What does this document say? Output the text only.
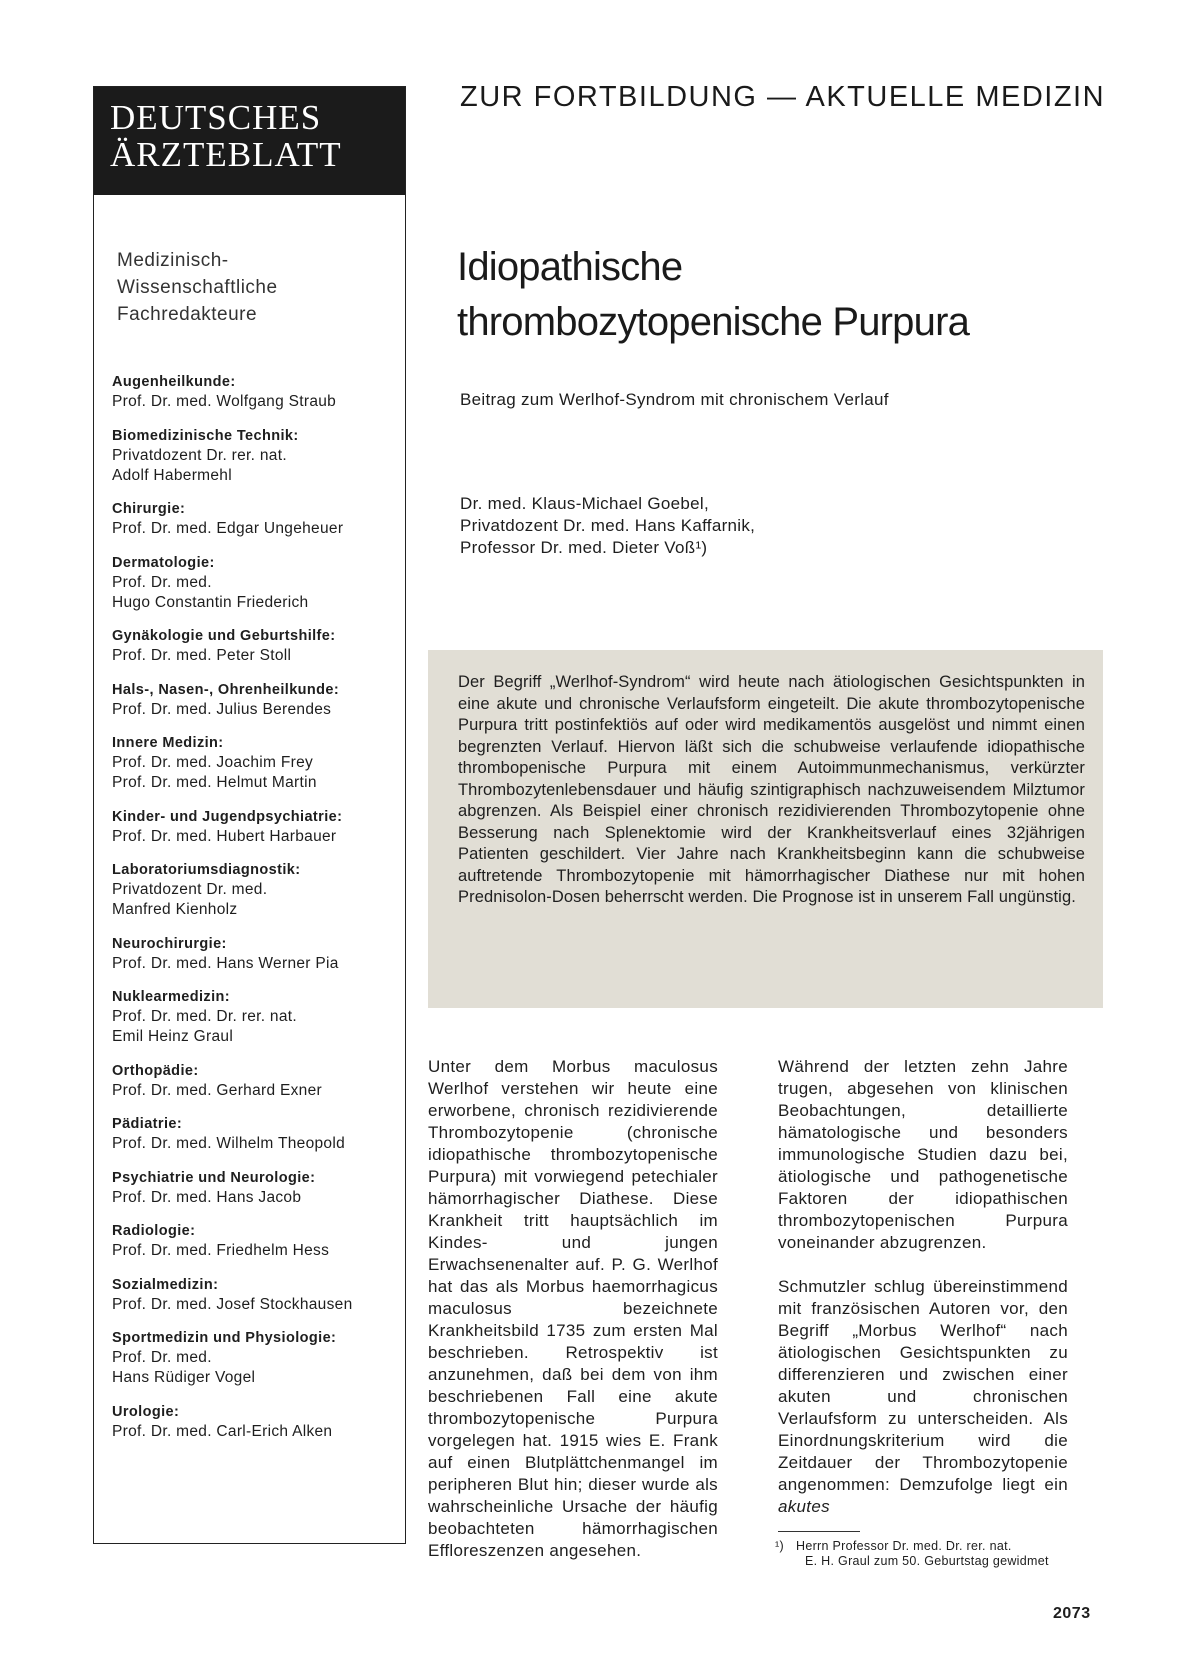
DEUTSCHES
ÄRZTEBLATT
Medizinisch-
Wissenschaftliche
Fachredakteure
Augenheilkunde:
Prof. Dr. med. Wolfgang Straub
Biomedizinische Technik:
Privatdozent Dr. rer. nat.
Adolf Habermehl
Chirurgie:
Prof. Dr. med. Edgar Ungeheuer
Dermatologie:
Prof. Dr. med.
Hugo Constantin Friederich
Gynäkologie und Geburtshilfe:
Prof. Dr. med. Peter Stoll
Hals-, Nasen-, Ohrenheilkunde:
Prof. Dr. med. Julius Berendes
Innere Medizin:
Prof. Dr. med. Joachim Frey
Prof. Dr. med. Helmut Martin
Kinder- und Jugendpsychiatrie:
Prof. Dr. med. Hubert Harbauer
Laboratoriumsdiagnostik:
Privatdozent Dr. med.
Manfred Kienholz
Neurochirurgie:
Prof. Dr. med. Hans Werner Pia
Nuklearmedizin:
Prof. Dr. med. Dr. rer. nat.
Emil Heinz Graul
Orthopädie:
Prof. Dr. med. Gerhard Exner
Pädiatrie:
Prof. Dr. med. Wilhelm Theopold
Psychiatrie und Neurologie:
Prof. Dr. med. Hans Jacob
Radiologie:
Prof. Dr. med. Friedhelm Hess
Sozialmedizin:
Prof. Dr. med. Josef Stockhausen
Sportmedizin und Physiologie:
Prof. Dr. med.
Hans Rüdiger Vogel
Urologie:
Prof. Dr. med. Carl-Erich Alken
ZUR FORTBILDUNG — AKTUELLE MEDIZIN
Idiopathische
thrombozytopenische Purpura
Beitrag zum Werlhof-Syndrom mit chronischem Verlauf
Dr. med. Klaus-Michael Goebel,
Privatdozent Dr. med. Hans Kaffarnik,
Professor Dr. med. Dieter Voß¹)
Der Begriff „Werlhof-Syndrom“ wird heute nach ätiologischen Gesichtspunkten in eine akute und chronische Verlaufsform eingeteilt. Die akute thrombozytopenische Purpura tritt postinfektiös auf oder wird medikamentös ausgelöst und nimmt einen begrenzten Verlauf. Hiervon läßt sich die schubweise verlaufende idiopathische thrombopenische Purpura mit einem Autoimmunmechanismus, verkürzter Thrombozytenlebensdauer und häufig szintigraphisch nachzuweisendem Milztumor abgrenzen. Als Beispiel einer chronisch rezidivierenden Thrombozytopenie ohne Besserung nach Splenektomie wird der Krankheitsverlauf eines 32jährigen Patienten geschildert. Vier Jahre nach Krankheitsbeginn kann die schubweise auftretende Thrombozytopenie mit hämorrhagischer Diathese nur mit hohen Prednisolon-Dosen beherrscht werden. Die Prognose ist in unserem Fall ungünstig.

Unter dem Morbus maculosus Werlhof verstehen wir heute eine erworbene, chronisch rezidivierende Thrombozytopenie (chronische idiopathische thrombozytopenische Purpura) mit vorwiegend petechialer hämorrhagischer Diathese. Diese Krankheit tritt hauptsächlich im Kindes- und jungen Erwachsenenalter auf. P. G. Werlhof hat das als Morbus haemorrhagicus maculosus bezeichnete Krankheitsbild 1735 zum ersten Mal beschrieben. Retrospektiv ist anzunehmen, daß bei dem von ihm beschriebenen Fall eine akute thrombozytopenische Purpura vorgelegen hat. 1915 wies E. Frank auf einen Blutplättchenmangel im peripheren Blut hin; dieser wurde als wahrscheinliche Ursache der häufig beobachteten hämorrhagischen Effloreszenzen angesehen.

Während der letzten zehn Jahre trugen, abgesehen von klinischen Beobachtungen, detaillierte hämatologische und besonders immunologische Studien dazu bei, ätiologische und pathogenetische Faktoren der idiopathischen thrombozytopenischen Purpura voneinander abzugrenzen.

Schmutzler schlug übereinstimmend mit französischen Autoren vor, den Begriff „Morbus Werlhof“ nach ätiologischen Gesichtspunkten zu differenzieren und zwischen einer akuten und chronischen Verlaufsform zu unterscheiden. Als Einordnungskriterium wird die Zeitdauer der Thrombozytopenie angenommen: Demzufolge liegt ein akutes

¹) Herrn Professor Dr. med. Dr. rer. nat.
E. H. Graul zum 50. Geburtstag gewidmet
2073
